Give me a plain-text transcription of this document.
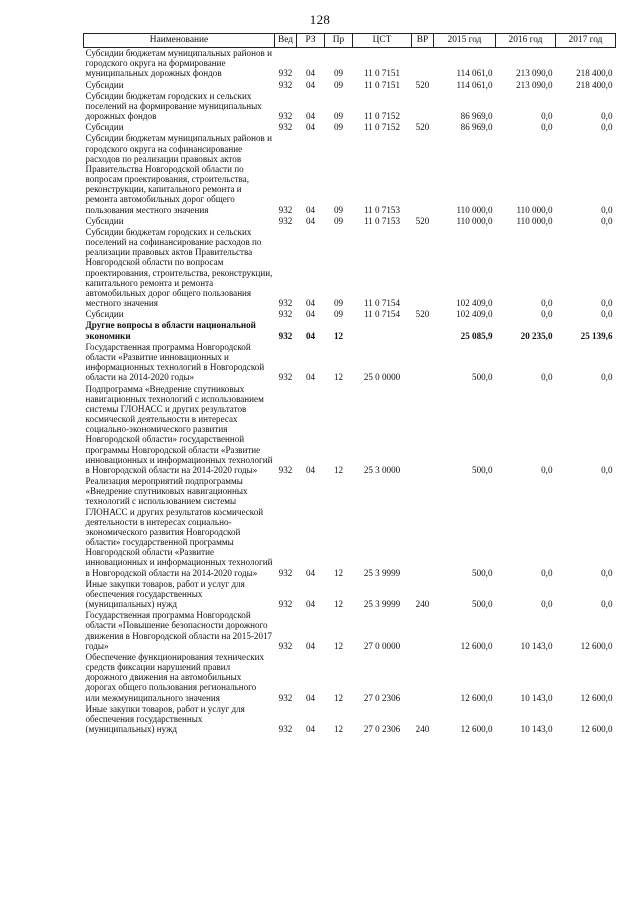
128
Наименование	Вед	РЗ	Пр	ЦСТ	ВР	2015 год	2016 год	2017 год
Субсидии бюджетам муниципальных районов и городского округа на формирование муниципальных дорожных фондов	932	04	09	11 0 7151		114 061,0	213 090,0	218 400,0
Субсидии	932	04	09	11 0 7151	520	114 061,0	213 090,0	218 400,0
Субсидии бюджетам городских и сельских поселений на формирование муниципальных дорожных фондов	932	04	09	11 0 7152		86 969,0	0,0	0,0
Субсидии	932	04	09	11 0 7152	520	86 969,0	0,0	0,0
Субсидии бюджетам муниципальных районов и городского округа на софинансирование расходов по реализации правовых актов Правительства Новгородской области по вопросам проектирования, строительства, реконструкции, капитального ремонта и ремонта автомобильных дорог общего пользования местного значения	932	04	09	11 0 7153		110 000,0	110 000,0	0,0
Субсидии	932	04	09	11 0 7153	520	110 000,0	110 000,0	0,0
Субсидии бюджетам городских и сельских поселений на софинансирование расходов по реализации правовых актов Правительства Новгородской области по вопросам проектирования, строительства, реконструкции, капитального ремонта и ремонта автомобильных дорог общего пользования местного значения	932	04	09	11 0 7154		102 409,0	0,0	0,0
Субсидии	932	04	09	11 0 7154	520	102 409,0	0,0	0,0
Другие вопросы в области национальной экономики	932	04	12			25 085,9	20 235,0	25 139,6
Государственная программа Новгородской области «Развитие инновационных и информационных технологий в Новгородской области на 2014-2020 годы»	932	04	12	25 0 0000		500,0	0,0	0,0
Подпрограмма «Внедрение спутниковых навигационных технологий с использованием системы ГЛОНАСС и других результатов космической деятельности в интересах социально-экономического развития Новгородской области» государственной программы Новгородской области «Развитие инновационных и информационных технологий в Новгородской области на 2014-2020 годы»	932	04	12	25 3 0000		500,0	0,0	0,0
Реализация мероприятий подпрограммы «Внедрение спутниковых навигационных технологий с использованием системы ГЛОНАСС и других результатов космической деятельности в интересах социально-экономического развития Новгородской области» государственной программы Новгородской области «Развитие инновационных и информационных технологий в Новгородской области на 2014-2020 годы»	932	04	12	25 3 9999		500,0	0,0	0,0
Иные закупки товаров, работ и услуг для обеспечения государственных (муниципальных) нужд	932	04	12	25 3 9999	240	500,0	0,0	0,0
Государственная программа Новгородской области «Повышение безопасности дорожного движения в Новгородской области на 2015-2017 годы»	932	04	12	27 0 0000		12 600,0	10 143,0	12 600,0
Обеспечение функционирования технических средств фиксации нарушений правил дорожного движения на автомобильных дорогах общего пользования регионального или межмуниципального значения	932	04	12	27 0 2306		12 600,0	10 143,0	12 600,0
Иные закупки товаров, работ и услуг для обеспечения государственных (муниципальных) нужд	932	04	12	27 0 2306	240	12 600,0	10 143,0	12 600,0
